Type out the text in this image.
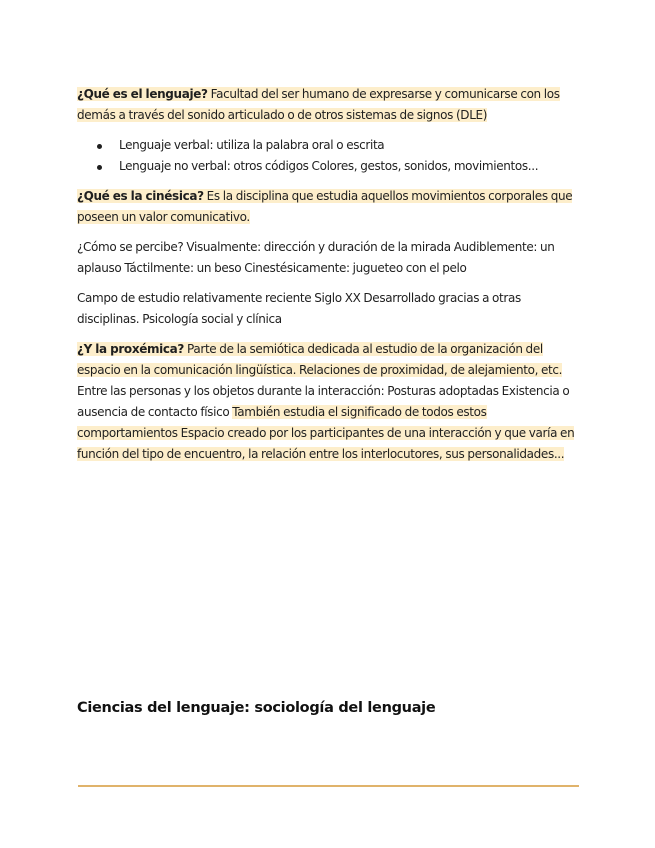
¿Qué es el lenguaje? Facultad del ser humano de expresarse y comunicarse con los demás a través del sonido articulado o de otros sistemas de signos (DLE)

Lenguaje verbal: utiliza la palabra oral o escrita
Lenguaje no verbal: otros códigos Colores, gestos, sonidos, movimientos...

¿Qué es la cinésica? Es la disciplina que estudia aquellos movimientos corporales que poseen un valor comunicativo.

¿Cómo se percibe? Visualmente: dirección y duración de la mirada Audiblemente: un aplauso Táctilmente: un beso Cinestésicamente: jugueteo con el pelo

Campo de estudio relativamente reciente Siglo XX Desarrollado gracias a otras disciplinas. Psicología social y clínica

¿Y la proxémica? Parte de la semiótica dedicada al estudio de la organización del espacio en la comunicación lingüística. Relaciones de proximidad, de alejamiento, etc. Entre las personas y los objetos durante la interacción: Posturas adoptadas Existencia o ausencia de contacto físico También estudia el significado de todos estos comportamientos Espacio creado por los participantes de una interacción y que varía en función del tipo de encuentro, la relación entre los interlocutores, sus personalidades...

Ciencias del lenguaje: sociología del lenguaje
